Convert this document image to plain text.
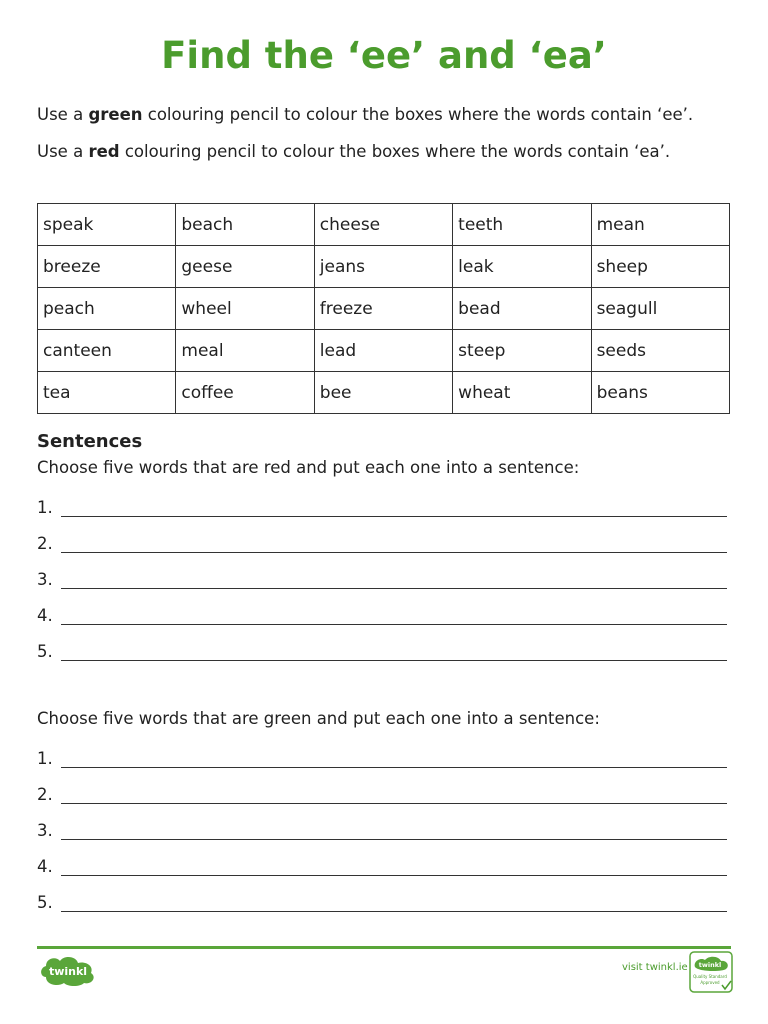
Find the ‘ee’ and ‘ea’

Use a green colouring pencil to colour the boxes where the words contain ‘ee’.

Use a red colouring pencil to colour the boxes where the words contain ‘ea’.

speak	beach	cheese	teeth	mean
breeze	geese	jeans	leak	sheep
peach	wheel	freeze	bead	seagull
canteen	meal	lead	steep	seeds
tea	coffee	bee	wheat	beans
Sentences

Choose five words that are red and put each one into a sentence:

1.
2.
3.
4.
5.

Choose five words that are green and put each one into a sentence:

1.
2.
3.
4.
5.
twinkl	visit twinkl.ie twinkl
Quality Standard
Approved
